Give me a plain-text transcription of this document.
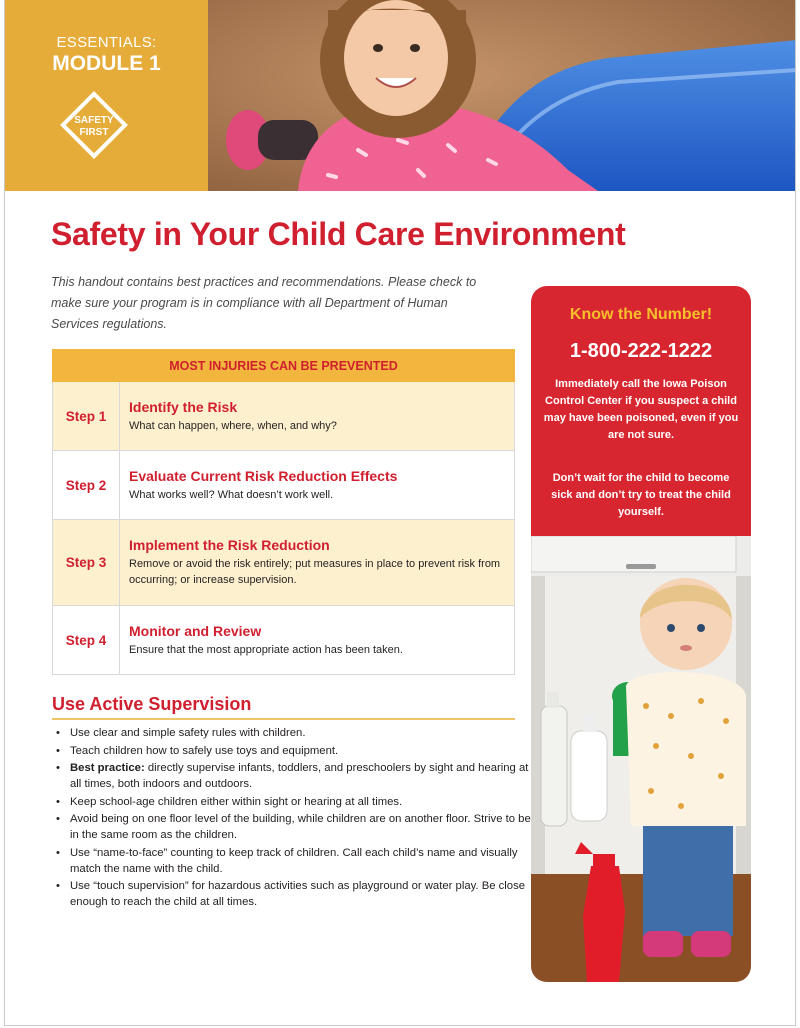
ESSENTIALS:
MODULE 1
SAFETY
FIRST
Safety in Your Child Care Environment

This handout contains best practices and recommendations. Please check to make sure your program is in compliance with all Department of Human Services regulations.

MOST INJURIES CAN BE PREVENTED
Step 1
Identify the Risk
What can happen, where, when, and why?
Step 2
Evaluate Current Risk Reduction Effects
What works well? What doesn’t work well.
Step 3
Implement the Risk Reduction
Remove or avoid the risk entirely; put measures in place to prevent risk from occurring; or increase supervision.
Step 4
Monitor and Review
Ensure that the most appropriate action has been taken.
Use Active Supervision
• Use clear and simple safety rules with children.
• Teach children how to safely use toys and equipment.
• Best practice: directly supervise infants, toddlers, and preschoolers by sight and hearing at all times, both indoors and outdoors.
• Keep school-age children either within sight or hearing at all times.
• Avoid being on one floor level of the building, while children are on another floor. Strive to be in the same room as the children.
• Use “name-to-face” counting to keep track of children. Call each child’s name and visually match the name with the child.
• Use “touch supervision” for hazardous activities such as playground or water play. Be close enough to reach the child at all times.
Know the Number!
1-800-222-1222
Immediately call the Iowa Poison Control Center if you suspect a child may have been poisoned, even if you are not sure.
Don’t wait for the child to become sick and don’t try to treat the child yourself.
